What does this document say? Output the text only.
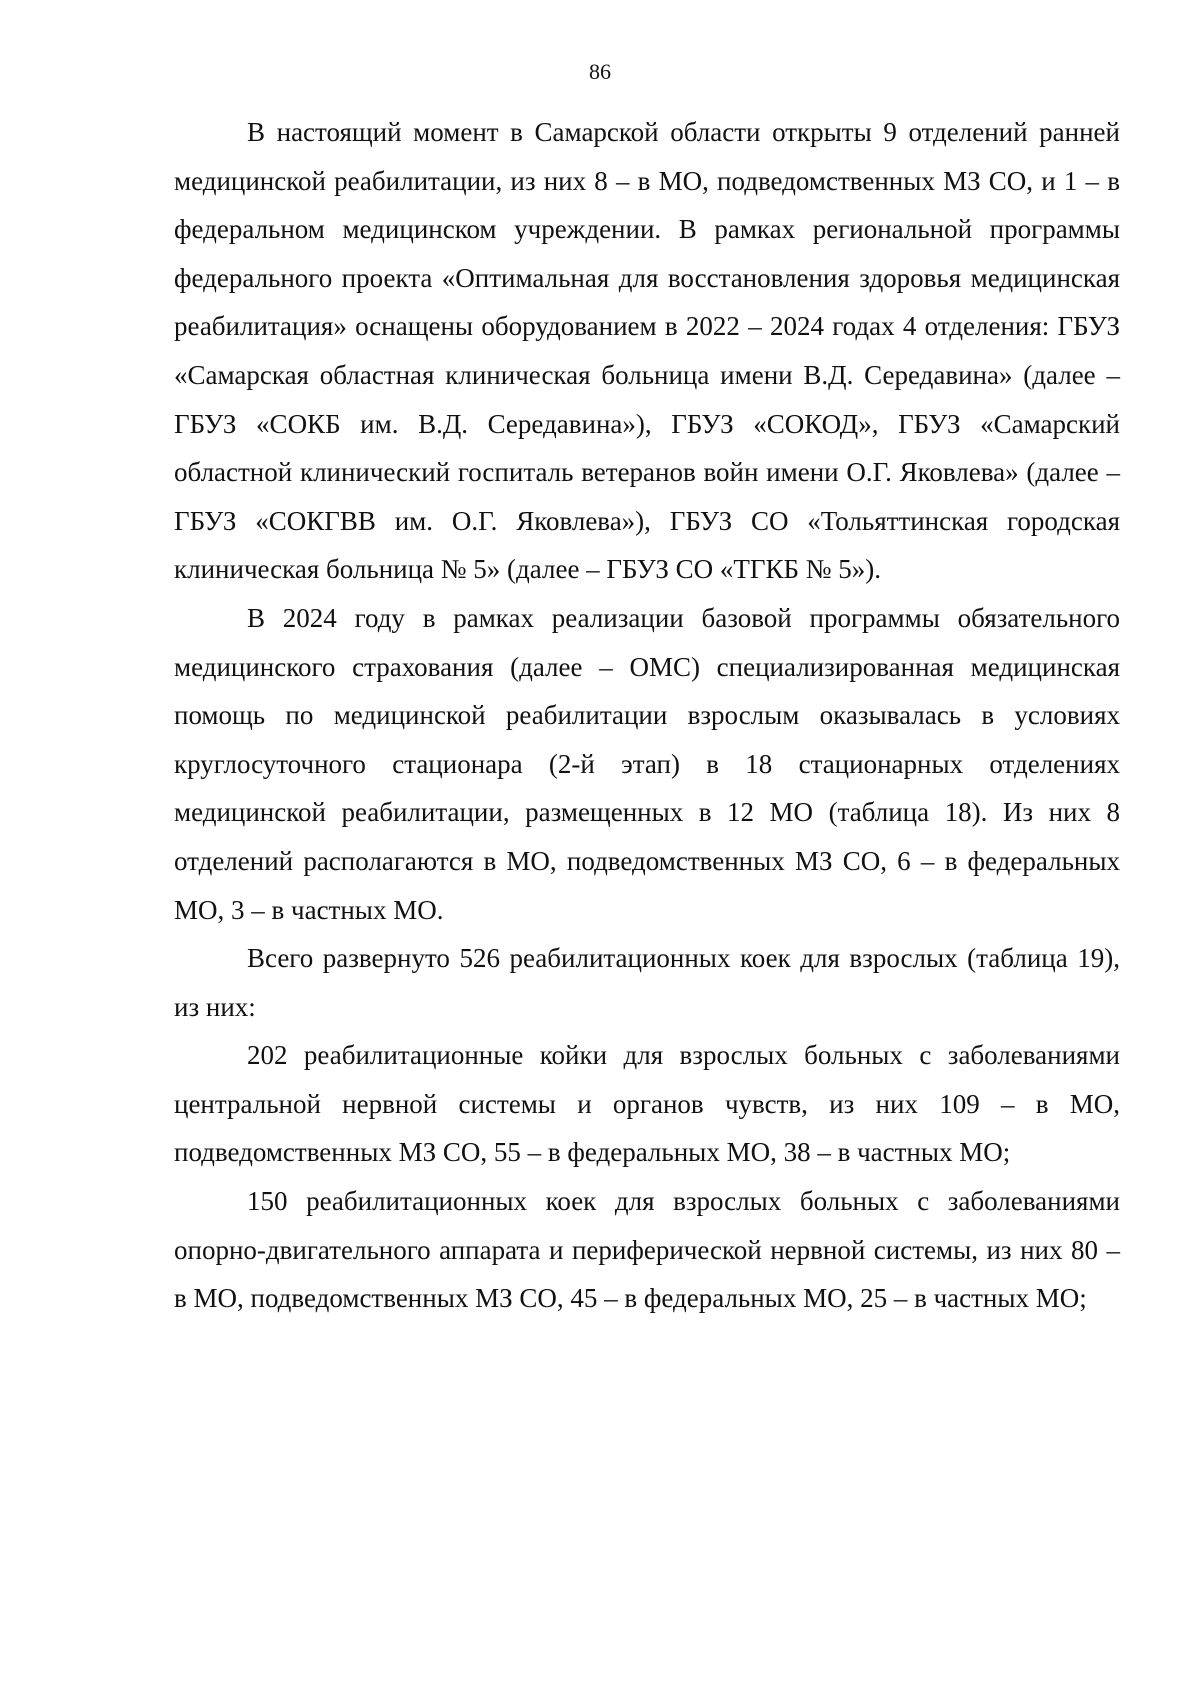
86

В настоящий момент в Самарской области открыты 9 отделений ранней медицинской реабилитации, из них 8 – в МО, подведомственных МЗ СО, и 1 – в федеральном медицинском учреждении. В рамках региональной программы федерального проекта «Оптимальная для восстановления здоровья медицинская реабилитация» оснащены оборудованием в 2022 – 2024 годах 4 отделения: ГБУЗ «Самарская областная клиническая больница имени В.Д. Середавина» (далее – ГБУЗ «СОКБ им. В.Д. Середавина»), ГБУЗ «СОКОД», ГБУЗ «Самарский областной клинический госпиталь ветеранов войн имени О.Г. Яковлева» (далее – ГБУЗ «СОКГВВ им. О.Г. Яковлева»), ГБУЗ СО «Тольяттинская городская клиническая больница № 5» (далее – ГБУЗ СО «ТГКБ № 5»).

В 2024 году в рамках реализации базовой программы обязательного медицинского страхования (далее – ОМС) специализированная медицинская помощь по медицинской реабилитации взрослым оказывалась в условиях круглосуточного стационара (2-й этап) в 18 стационарных отделениях медицинской реабилитации, размещенных в 12 МО (таблица 18). Из них 8 отделений располагаются в МО, подведомственных МЗ СО, 6 – в федеральных МО, 3 – в частных МО.

Всего развернуто 526 реабилитационных коек для взрослых (таблица 19), из них:

202 реабилитационные койки для взрослых больных с заболеваниями центральной нервной системы и органов чувств, из них 109 – в МО, подведомственных МЗ СО, 55 – в федеральных МО, 38 – в частных МО;

150 реабилитационных коек для взрослых больных с заболеваниями опорно-двигательного аппарата и периферической нервной системы, из них 80 – в МО, подведомственных МЗ СО, 45 – в федеральных МО, 25 – в частных МО;
